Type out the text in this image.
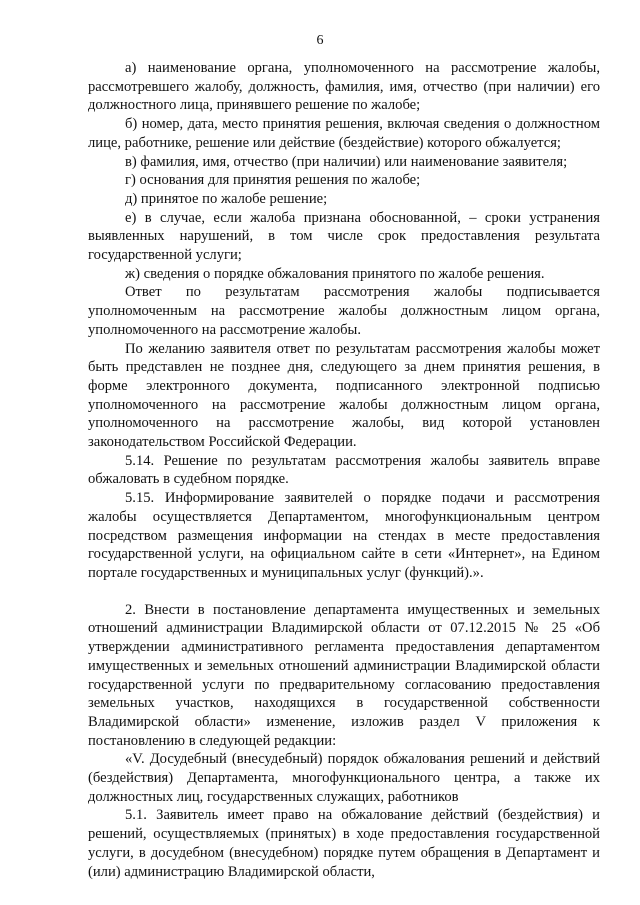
6

а) наименование органа, уполномоченного на рассмотрение жалобы, рассмотревшего жалобу, должность, фамилия, имя, отчество (при наличии) его должностного лица, принявшего решение по жалобе;

б) номер, дата, место принятия решения, включая сведения о должностном лице, работнике, решение или действие (бездействие) которого обжалуется;

в) фамилия, имя, отчество (при наличии) или наименование заявителя;

г) основания для принятия решения по жалобе;

д) принятое по жалобе решение;

е) в случае, если жалоба признана обоснованной, – сроки устранения выявленных нарушений, в том числе срок предоставления результата государственной услуги;

ж) сведения о порядке обжалования принятого по жалобе решения.

Ответ по результатам рассмотрения жалобы подписывается уполномоченным на рассмотрение жалобы должностным лицом органа, уполномоченного на рассмотрение жалобы.

По желанию заявителя ответ по результатам рассмотрения жалобы может быть представлен не позднее дня, следующего за днем принятия решения, в форме электронного документа, подписанного электронной подписью уполномоченного на рассмотрение жалобы должностным лицом органа, уполномоченного на рассмотрение жалобы, вид которой установлен законодательством Российской Федерации.

5.14. Решение по результатам рассмотрения жалобы заявитель вправе обжаловать в судебном порядке.

5.15. Информирование заявителей о порядке подачи и рассмотрения жалобы осуществляется Департаментом, многофункциональным центром посредством размещения информации на стендах в месте предоставления государственной услуги, на официальном сайте в сети «Интернет», на Едином портале государственных и муниципальных услуг (функций).».

2. Внести в постановление департамента имущественных и земельных отношений администрации Владимирской области от 07.12.2015 № 25 «Об утверждении административного регламента предоставления департаментом имущественных и земельных отношений администрации Владимирской области государственной услуги по предварительному согласованию предоставления земельных участков, находящихся в государственной собственности Владимирской области» изменение, изложив раздел V приложения к постановлению в следующей редакции:

«V. Досудебный (внесудебный) порядок обжалования решений и действий (бездействия) Департамента, многофункционального центра, а также их должностных лиц, государственных служащих, работников

5.1. Заявитель имеет право на обжалование действий (бездействия) и решений, осуществляемых (принятых) в ходе предоставления государственной услуги, в досудебном (внесудебном) порядке путем обращения в Департамент и (или) администрацию Владимирской области,
